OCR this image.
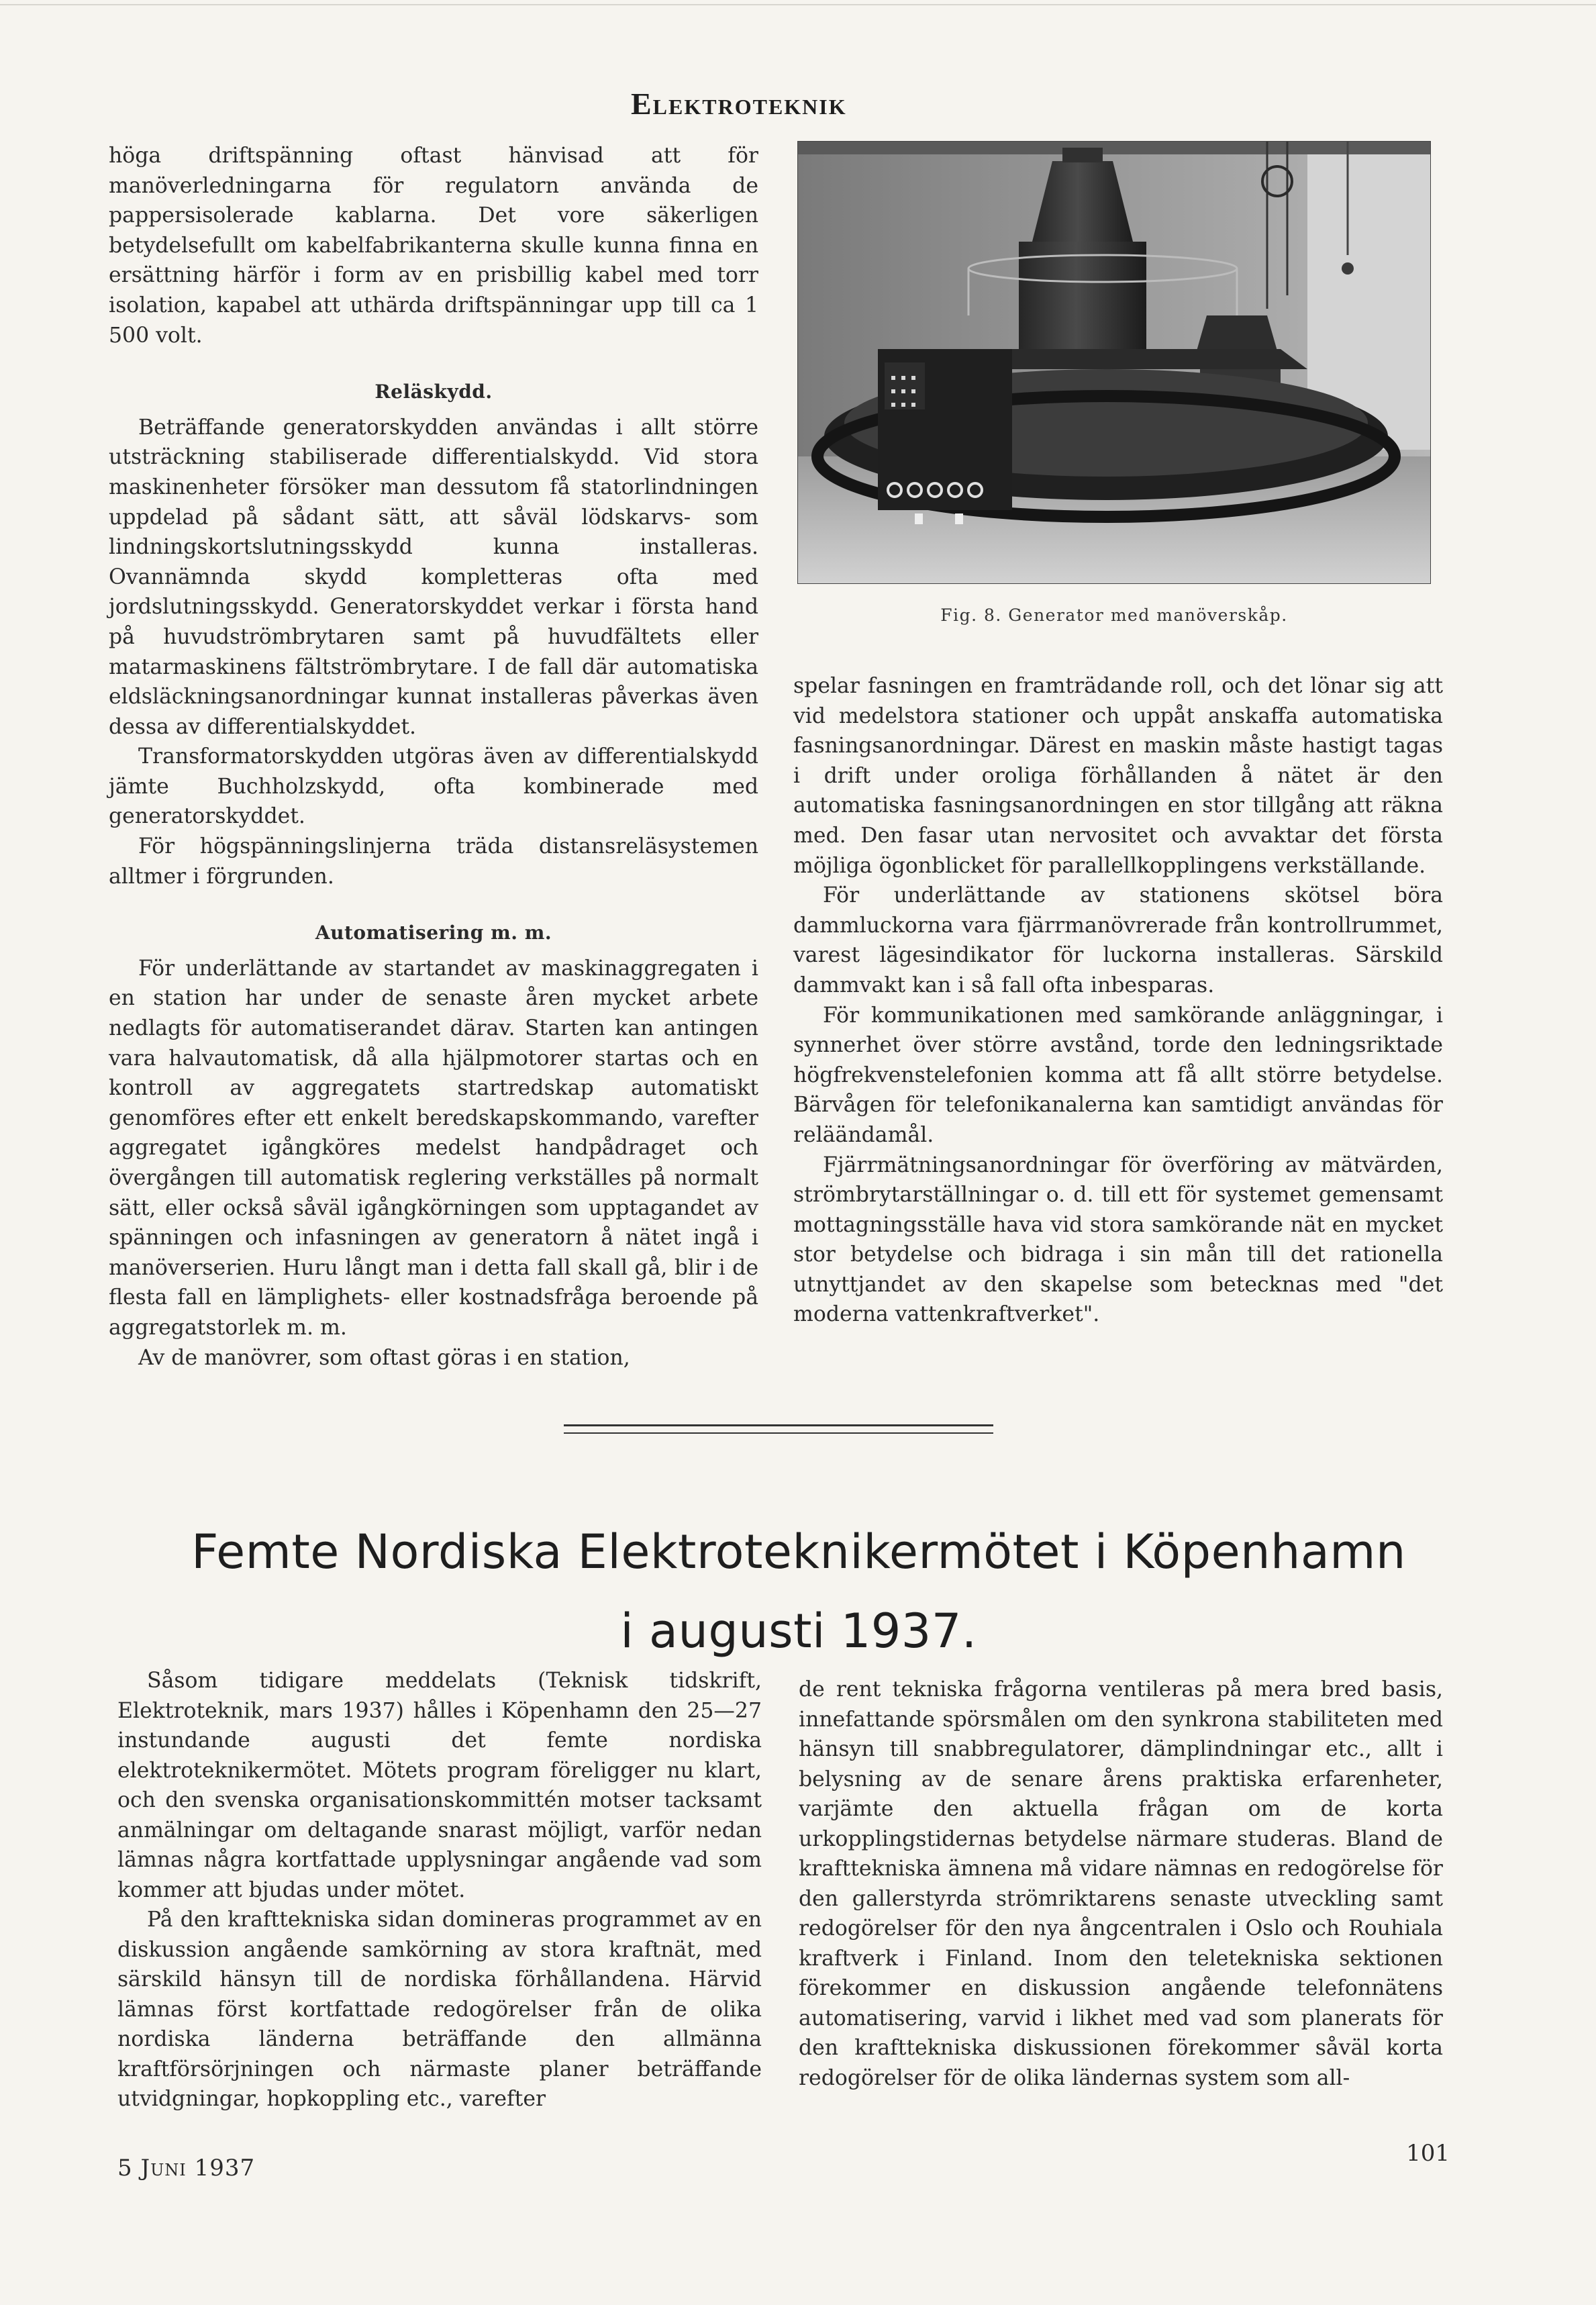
Elektroteknik

höga driftspänning oftast hänvisad att för manöverledningarna för regulatorn använda de pappersisolerade kablarna. Det vore säkerligen betydelsefullt om kabelfabrikanterna skulle kunna finna en ersättning härför i form av en prisbillig kabel med torr isolation, kapabel att uthärda driftspänningar upp till ca 1 500 volt.

Reläskydd.

Beträffande generatorskydden användas i allt större utsträckning stabiliserade differentialskydd. Vid stora maskinenheter försöker man dessutom få statorlindningen uppdelad på sådant sätt, att såväl lödskarvs- som lindningskortslutningsskydd kunna installeras. Ovannämnda skydd kompletteras ofta med jordslutningsskydd. Generatorskyddet verkar i första hand på huvudströmbrytaren samt på huvudfältets eller matarmaskinens fältströmbrytare. I de fall där automatiska eldsläckningsanordningar kunnat installeras påverkas även dessa av differentialskyddet.

Transformatorskydden utgöras även av differentialskydd jämte Buchholzskydd, ofta kombinerade med generatorskyddet.

För högspänningslinjerna träda distansreläsystemen alltmer i förgrunden.

Automatisering m. m.

För underlättande av startandet av maskinaggregaten i en station har under de senaste åren mycket arbete nedlagts för automatiserandet därav. Starten kan antingen vara halvautomatisk, då alla hjälpmotorer startas och en kontroll av aggregatets startredskap automatiskt genomföres efter ett enkelt beredskapskommando, varefter aggregatet igångköres medelst handpådraget och övergången till automatisk reglering verkställes på normalt sätt, eller också såväl igångkörningen som upptagandet av spänningen och infasningen av generatorn å nätet ingå i manöverserien. Huru långt man i detta fall skall gå, blir i de flesta fall en lämplighets- eller kostnadsfråga beroende på aggregatstorlek m. m.

Av de manövrer, som oftast göras i en station,

Fig. 8. Generator med manöverskåp.

spelar fasningen en framträdande roll, och det lönar sig att vid medelstora stationer och uppåt anskaffa automatiska fasningsanordningar. Därest en maskin måste hastigt tagas i drift under oroliga förhållanden å nätet är den automatiska fasningsanordningen en stor tillgång att räkna med. Den fasar utan nervositet och avvaktar det första möjliga ögonblicket för parallellkopplingens verkställande.

För underlättande av stationens skötsel böra dammluckorna vara fjärrmanövrerade från kontrollrummet, varest lägesindikator för luckorna installeras. Särskild dammvakt kan i så fall ofta inbesparas.

För kommunikationen med samkörande anläggningar, i synnerhet över större avstånd, torde den ledningsriktade högfrekvenstelefonien komma att få allt större betydelse. Bärvågen för telefonikanalerna kan samtidigt användas för reläändamål.

Fjärrmätningsanordningar för överföring av mätvärden, strömbrytarställningar o. d. till ett för systemet gemensamt mottagningsställe hava vid stora samkörande nät en mycket stor betydelse och bidraga i sin mån till det rationella utnyttjandet av den skapelse som betecknas med "det moderna vattenkraftverket".

Femte Nordiska Elektroteknikermötet i Köpenhamn
i augusti 1937.

Såsom tidigare meddelats (Teknisk tidskrift, Elektroteknik, mars 1937) hålles i Köpenhamn den 25—27 instundande augusti det femte nordiska elektroteknikermötet. Mötets program föreligger nu klart, och den svenska organisationskommittén motser tacksamt anmälningar om deltagande snarast möjligt, varför nedan lämnas några kortfattade upplysningar angående vad som kommer att bjudas under mötet.

På den krafttekniska sidan domineras programmet av en diskussion angående samkörning av stora kraftnät, med särskild hänsyn till de nordiska förhållandena. Härvid lämnas först kortfattade redogörelser från de olika nordiska länderna beträffande den allmänna kraftförsörjningen och närmaste planer beträffande utvidgningar, hopkoppling etc., varefter

de rent tekniska frågorna ventileras på mera bred basis, innefattande spörsmålen om den synkrona stabiliteten med hänsyn till snabbregulatorer, dämplindningar etc., allt i belysning av de senare årens praktiska erfarenheter, varjämte den aktuella frågan om de korta urkopplingstidernas betydelse närmare studeras. Bland de krafttekniska ämnena må vidare nämnas en redogörelse för den gallerstyrda strömriktarens senaste utveckling samt redogörelser för den nya ångcentralen i Oslo och Rouhiala kraftverk i Finland. Inom den teletekniska sektionen förekommer en diskussion angående telefonnätens automatisering, varvid i likhet med vad som planerats för den krafttekniska diskussionen förekommer såväl korta redogörelser för de olika ländernas system som all-

5 Juni 1937
101
